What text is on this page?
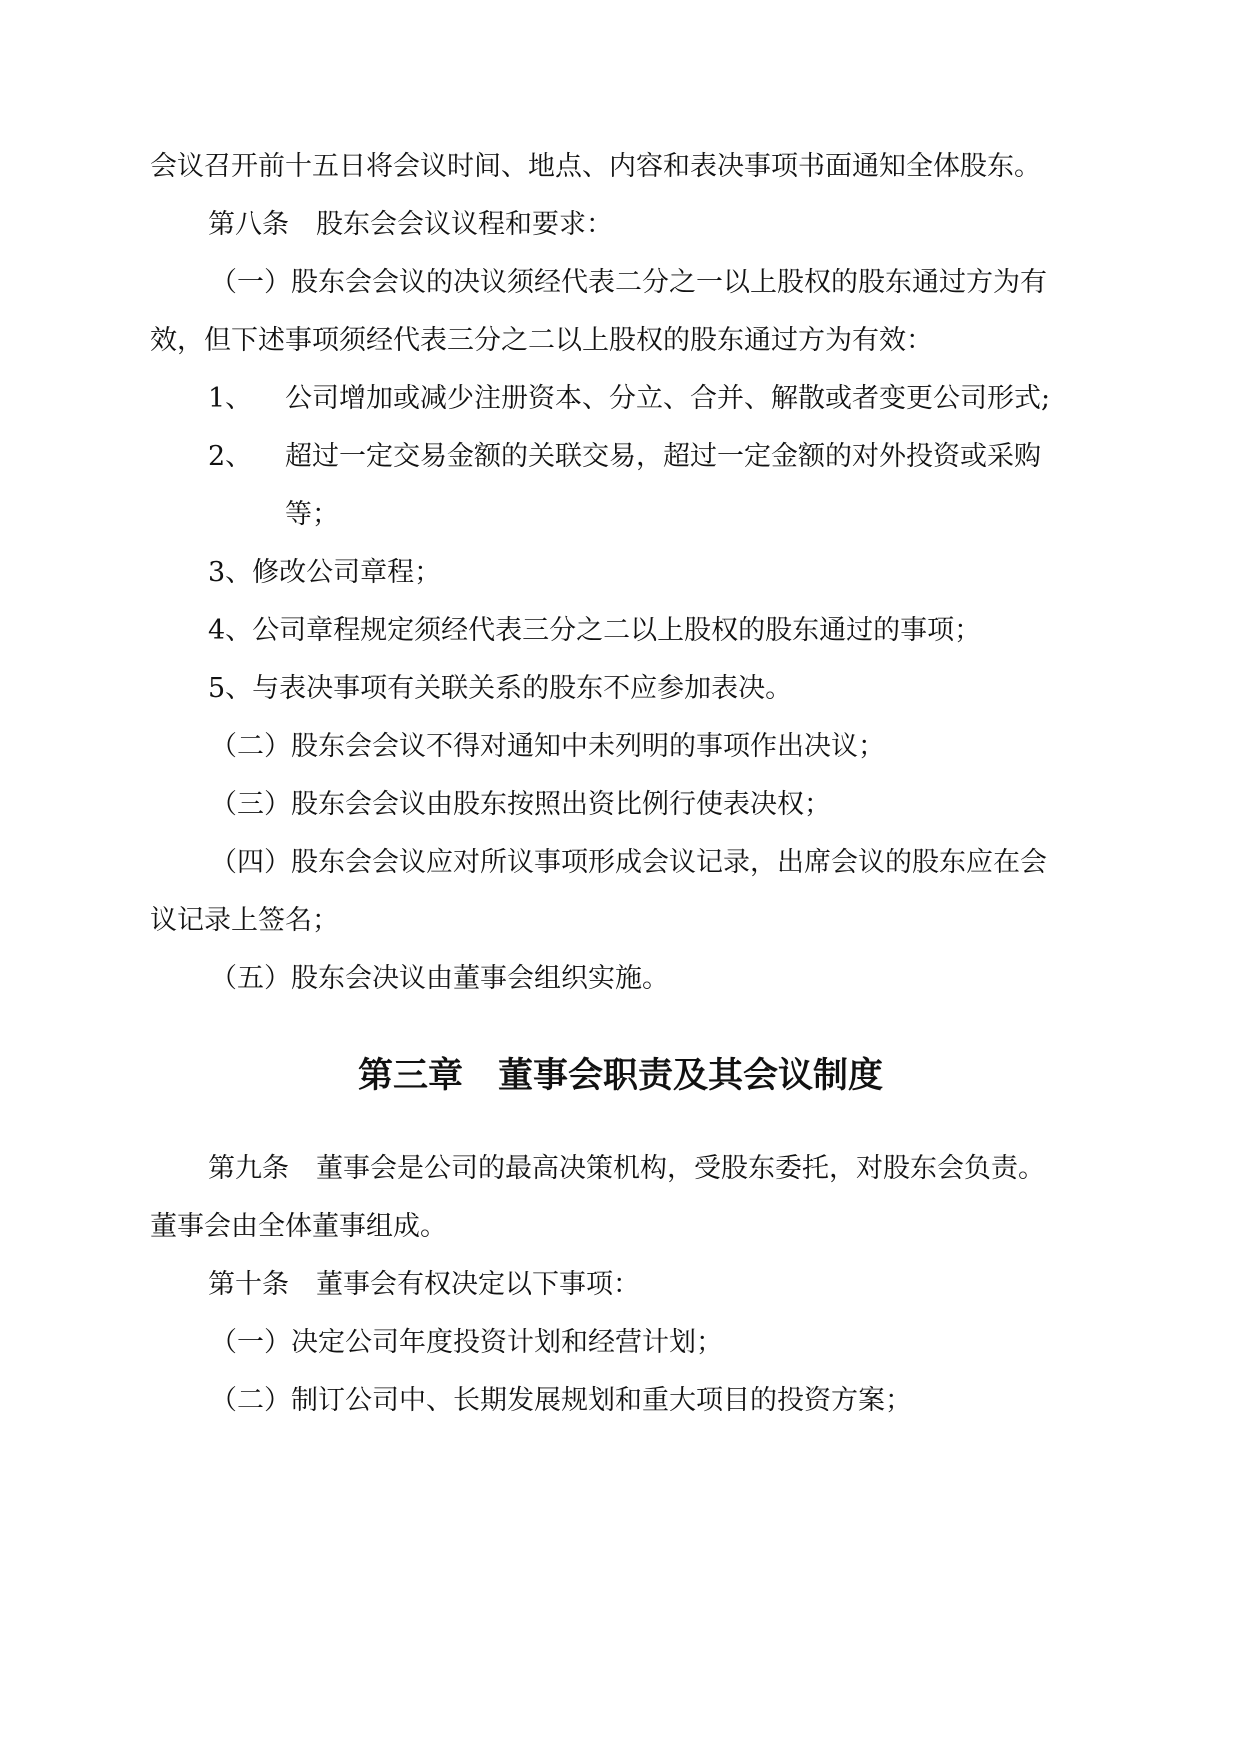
会议召开前十五日将会议时间、地点、内容和表决事项书面通知全体股东。
第八条　股东会会议议程和要求：
（一）股东会会议的决议须经代表二分之一以上股权的股东通过方为有
效，但下述事项须经代表三分之二以上股权的股东通过方为有效：
1、 公司增加或减少注册资本、分立、合并、解散或者变更公司形式;
2、 超过一定交易金额的关联交易，超过一定金额的对外投资或采购
等；
3、修改公司章程；
4、公司章程规定须经代表三分之二以上股权的股东通过的事项；
5、与表决事项有关联关系的股东不应参加表决。
（二）股东会会议不得对通知中未列明的事项作出决议；
（三）股东会会议由股东按照出资比例行使表决权；
（四）股东会会议应对所议事项形成会议记录，出席会议的股东应在会
议记录上签名；
（五）股东会决议由董事会组织实施。
第三章　董事会职责及其会议制度
第九条　董事会是公司的最高决策机构，受股东委托，对股东会负责。
董事会由全体董事组成。
第十条　董事会有权决定以下事项：
（一）决定公司年度投资计划和经营计划；
（二）制订公司中、长期发展规划和重大项目的投资方案；
